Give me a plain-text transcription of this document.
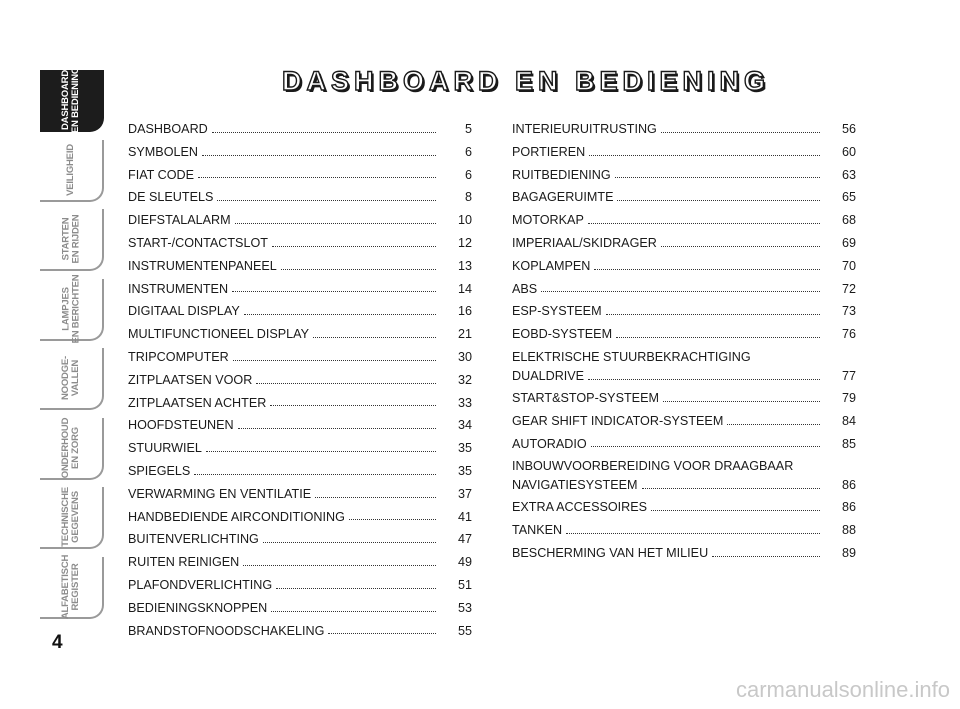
DASHBOARD EN BEDIENING
VEILIGHEID
STARTEN EN RIJDEN
LAMPJES EN BERICHTEN
NOODGE- VALLEN
ONDERHOUD EN ZORG
TECHNISCHE GEGEVENS
ALFABETISCH REGISTER
4
DASHBOARD EN BEDIENING
DASHBOARD	5
SYMBOLEN	6
FIAT CODE	6
DE SLEUTELS	8
DIEFSTALALARM	10
START-/CONTACTSLOT	12
INSTRUMENTENPANEEL	13
INSTRUMENTEN	14
DIGITAAL DISPLAY	16
MULTIFUNCTIONEEL DISPLAY	21
TRIPCOMPUTER	30
ZITPLAATSEN VOOR	32
ZITPLAATSEN ACHTER	33
HOOFDSTEUNEN	34
STUURWIEL	35
SPIEGELS	35
VERWARMING EN VENTILATIE	37
HANDBEDIENDE AIRCONDITIONING	41
BUITENVERLICHTING	47
RUITEN REINIGEN	49
PLAFONDVERLICHTING	51
BEDIENINGSKNOPPEN	53
BRANDSTOFNOODSCHAKELING	55
INTERIEURUITRUSTING	56
PORTIEREN	60
RUITBEDIENING	63
BAGAGERUIMTE	65
MOTORKAP	68
IMPERIAAL/SKIDRAGER	69
KOPLAMPEN	70
ABS	72
ESP-SYSTEEM	73
EOBD-SYSTEEM	76
ELEKTRISCHE STUURBEKRACHTIGING
DUALDRIVE	77
START&STOP-SYSTEEM	79
GEAR SHIFT INDICATOR-SYSTEEM	84
AUTORADIO	85
INBOUWVOORBEREIDING VOOR DRAAGBAAR
NAVIGATIESYSTEEM	86
EXTRA ACCESSOIRES	86
TANKEN	88
BESCHERMING VAN HET MILIEU	89
carmanualsonline.info
